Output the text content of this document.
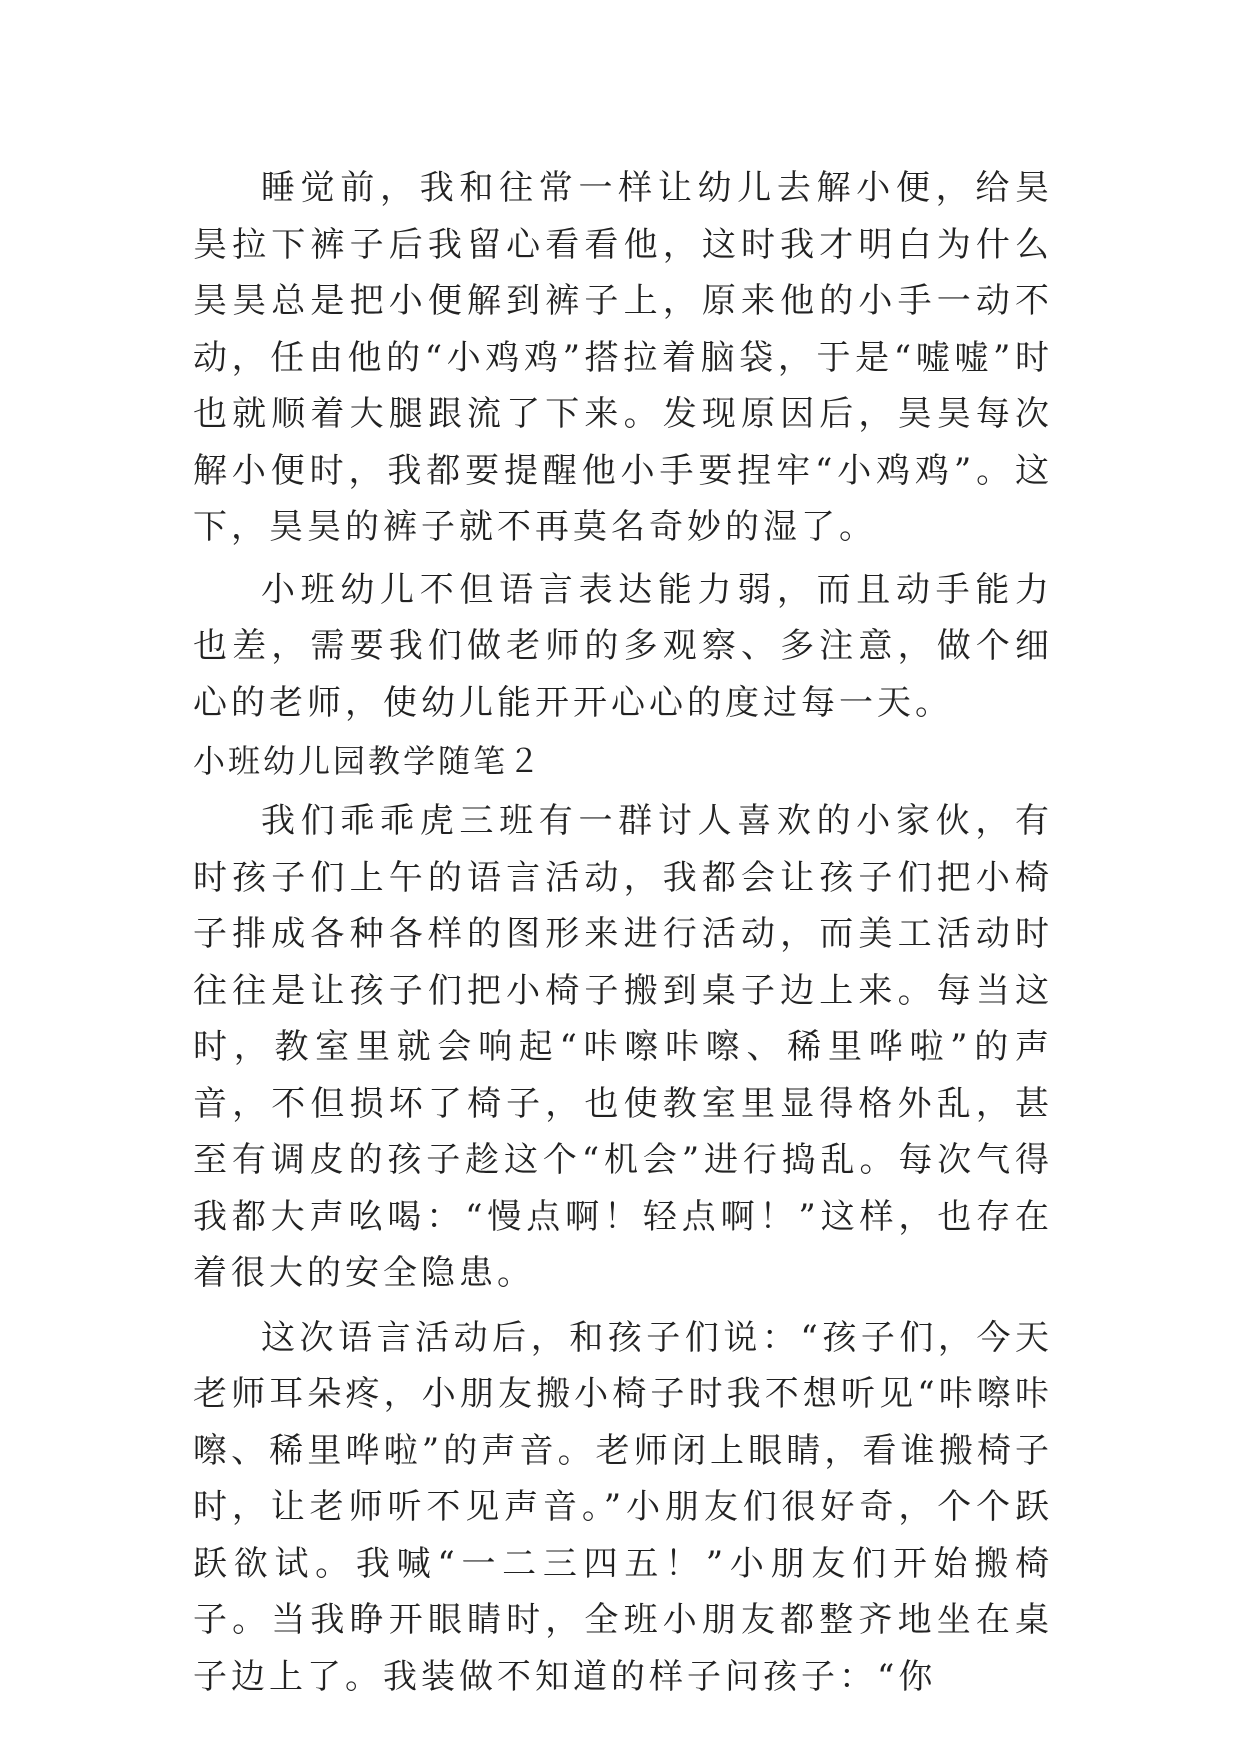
睡觉前，我和往常一样让幼儿去解小便，给昊昊拉下裤子后我留心看看他，这时我才明白为什么昊昊总是把小便解到裤子上，原来他的小手一动不动，任由他的“小鸡鸡”搭拉着脑袋，于是“嘘嘘”时也就顺着大腿跟流了下来。发现原因后，昊昊每次解小便时，我都要提醒他小手要捏牢“小鸡鸡”。这下，昊昊的裤子就不再莫名奇妙的湿了。

小班幼儿不但语言表达能力弱，而且动手能力也差，需要我们做老师的多观察、多注意，做个细心的老师，使幼儿能开开心心的度过每一天。

小班幼儿园教学随笔２

我们乖乖虎三班有一群讨人喜欢的小家伙，有时孩子们上午的语言活动，我都会让孩子们把小椅子排成各种各样的图形来进行活动，而美工活动时往往是让孩子们把小椅子搬到桌子边上来。每当这时，教室里就会响起“咔嚓咔嚓、稀里哗啦”的声音，不但损坏了椅子，也使教室里显得格外乱，甚至有调皮的孩子趁这个“机会”进行捣乱。每次气得我都大声吆喝：“慢点啊！轻点啊！”这样，也存在着很大的安全隐患。

这次语言活动后，和孩子们说：“孩子们，今天老师耳朵疼，小朋友搬小椅子时我不想听见“咔嚓咔嚓、稀里哗啦”的声音。老师闭上眼睛，看谁搬椅子时，让老师听不见声音。”小朋友们很好奇，个个跃跃欲试。我喊“一二三四五！”小朋友们开始搬椅子。当我睁开眼睛时，全班小朋友都整齐地坐在桌子边上了。我装做不知道的样子问孩子：“你
